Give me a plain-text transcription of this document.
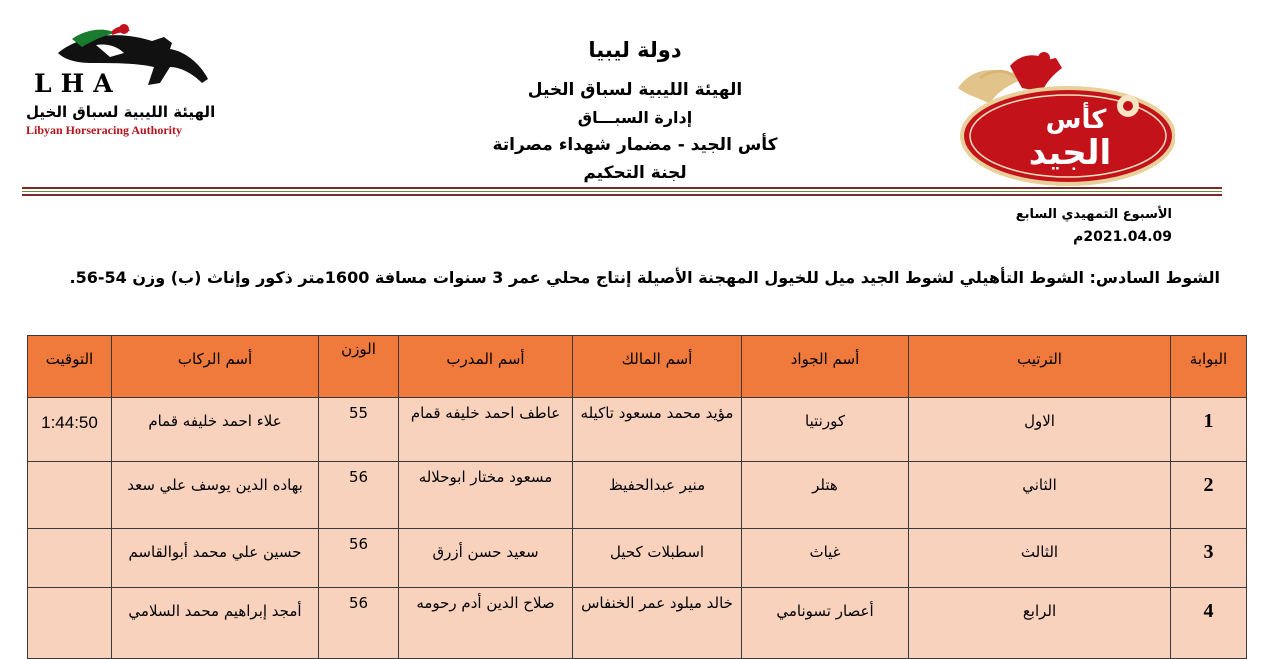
LHA
الهيئة الليبية لسباق الخيل
Libyan Horseracing Authority
دولة ليبيا
الهيئة الليبية لسباق الخيل
إدارة السبـــاق
كأس الجيد - مضمار شهداء مصراتة
لجنة التحكيم
كأس
الجيد
الأسبوع التمهيدي السابع
2021.04.09م
الشوط السادس: الشوط التأهيلي لشوط الجيد ميل للخيول المهجنة الأصيلة إنتاج محلي عمر 3 سنوات مسافة 1600متر ذكور وإناث (ب) وزن 54-56.
البوابة	الترتيب	أسم الجواد	أسم المالك	أسم المدرب	الوزن	أسم الركاب	التوقيت
1	الاول	كورنتيا	مؤيد محمد مسعود تاكيله	عاطف احمد خليفه قمام	55	علاء احمد خليفه قمام	1:44:50
2	الثاني	هتلر	منير عبدالحفيظ	مسعود مختار ابوحلاله	56	بهاده الدين يوسف علي سعد	
3	الثالث	غياث	اسطبلات كحيل	سعيد حسن أزرق	56	حسين علي محمد أبوالقاسم	
4	الرابع	أعصار تسونامي	خالد ميلود عمر الخنفاس	صلاح الدين أدم رحومه	56	أمجد إبراهيم محمد السلامي	
